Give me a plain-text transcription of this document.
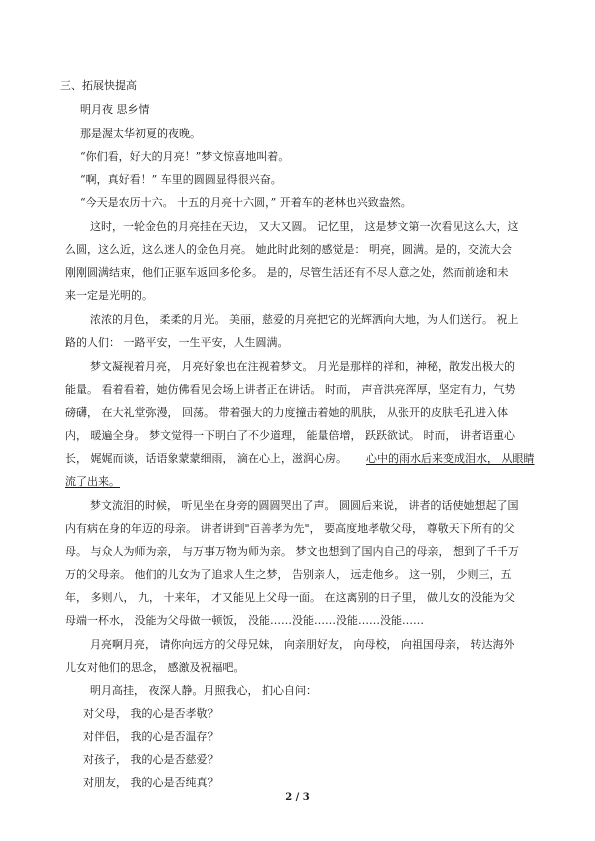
三、拓展快提高

明月夜 思乡情

那是渥太华初夏的夜晚。

“你们看，好大的月亮！”梦文惊喜地叫着。

“啊，真好看！” 车里的圆圆显得很兴奋。

“今天是农历十六。 十五的月亮十六圆，” 开着车的老林也兴致盎然。

这时，一轮金色的月亮挂在天边， 又大又圆。 记忆里， 这是梦文第一次看见这么大，这

么圆，这么近，这么迷人的金色月亮。 她此时此刻的感觉是： 明亮，圆满。是的，交流大会

刚刚圆满结束，他们正驱车返回多伦多。 是的，尽管生活还有不尽人意之处，然而前途和未

来一定是光明的。

浓浓的月色， 柔柔的月光。 美丽，慈爱的月亮把它的光辉洒向大地，为人们送行。 祝上

路的人们： 一路平安，一生平安，人生圆满。

梦文凝视着月亮， 月亮好象也在注视着梦文。 月光是那样的祥和，神秘，散发出极大的

能量。 看着看着，她仿佛看见会场上讲者正在讲话。 时而， 声音洪亮浑厚，坚定有力，气势

磅礴， 在大礼堂弥漫， 回荡。 带着强大的力度撞击着她的肌肤， 从张开的皮肤毛孔进入体

内， 暖遍全身。 梦文觉得一下明白了不少道理， 能量倍增， 跃跃欲试。 时而， 讲者语重心

长， 娓娓而谈，话语象蒙蒙细雨， 滴在心上，滋润心房。 心中的雨水后来变成泪水， 从眼睛

流了出来。

梦文流泪的时候， 听见坐在身旁的圆圆哭出了声。 圆圆后来说， 讲者的话使她想起了国

内有病在身的年迈的母亲。 讲者讲到"百善孝为先"， 要高度地孝敬父母， 尊敬天下所有的父

母。 与众人为师为亲， 与万事万物为师为亲。 梦文也想到了国内自己的母亲， 想到了千千万

万的父母亲。 他们的儿女为了追求人生之梦， 告别亲人， 远走他乡。 这一别， 少则三，五

年， 多则八， 九， 十来年， 才又能见上父母一面。 在这离别的日子里， 做儿女的没能为父

母端一杯水， 没能为父母做一顿饭， 没能……没能……没能……没能……

月亮啊月亮， 请你向远方的父母兄妹， 向亲朋好友， 向母校， 向祖国母亲， 转达海外

儿女对他们的思念， 感激及祝福吧。

明月高挂， 夜深人静。月照我心， 扪心自问：

对父母， 我的心是否孝敬？

对伴侣， 我的心是否温存？

对孩子， 我的心是否慈爱？

对朋友， 我的心是否纯真？

2 / 3
